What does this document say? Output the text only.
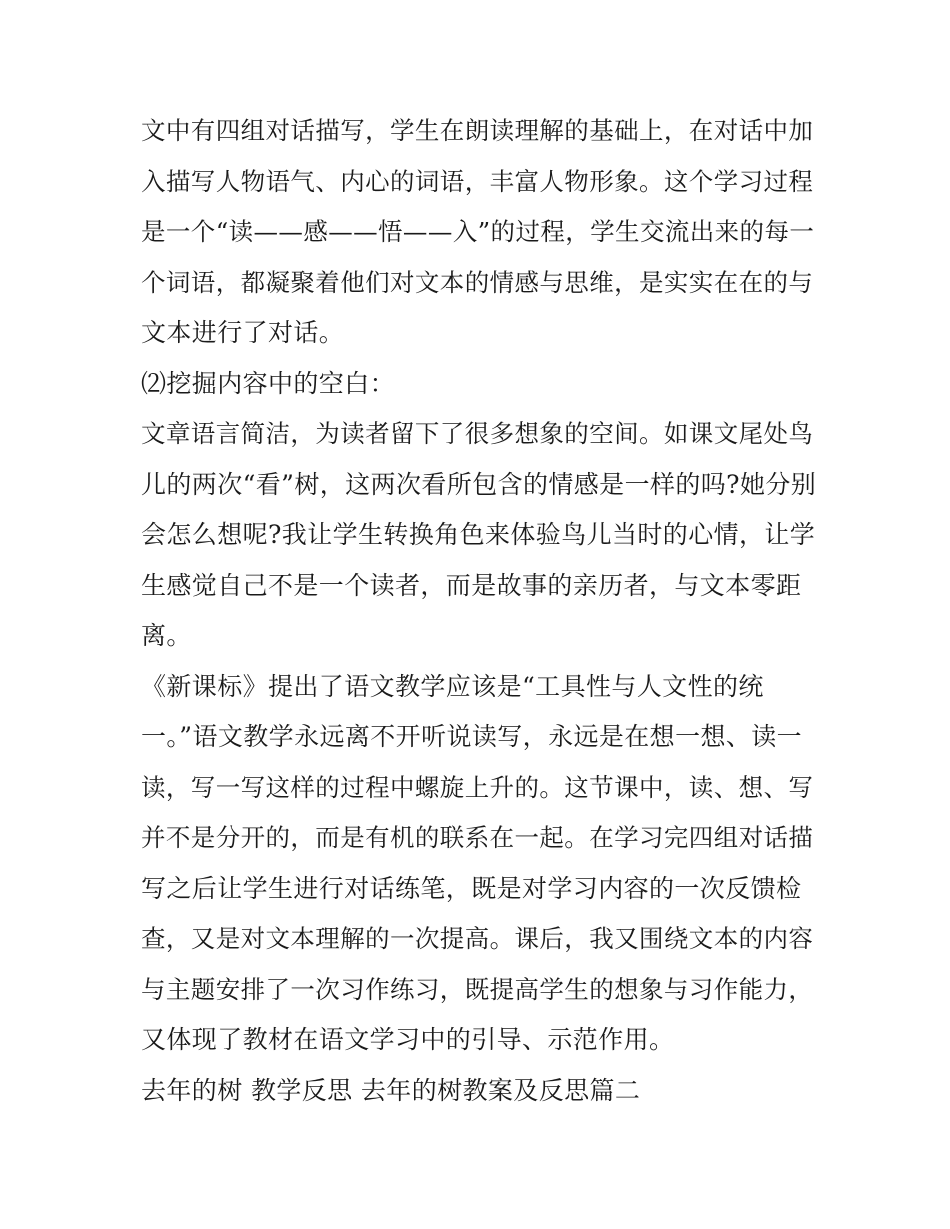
文中有四组对话描写，学生在朗读理解的基础上，在对话中加
入描写人物语气、内心的词语，丰富人物形象。这个学习过程
是一个“读——感——悟——入”的过程，学生交流出来的每一
个词语，都凝聚着他们对文本的情感与思维，是实实在在的与
文本进行了对话。
⑵挖掘内容中的空白：
文章语言简洁，为读者留下了很多想象的空间。如课文尾处鸟
儿的两次“看”树，这两次看所包含的情感是一样的吗?她分别
会怎么想呢?我让学生转换角色来体验鸟儿当时的心情，让学
生感觉自己不是一个读者，而是故事的亲历者，与文本零距
离。
《新课标》提出了语文教学应该是“工具性与人文性的统
一。”语文教学永远离不开听说读写，永远是在想一想、读一
读，写一写这样的过程中螺旋上升的。这节课中，读、想、写
并不是分开的，而是有机的联系在一起。在学习完四组对话描
写之后让学生进行对话练笔，既是对学习内容的一次反馈检
查，又是对文本理解的一次提高。课后，我又围绕文本的内容
与主题安排了一次习作练习，既提高学生的想象与习作能力，
又体现了教材在语文学习中的引导、示范作用。
去年的树 教学反思 去年的树教案及反思篇二
